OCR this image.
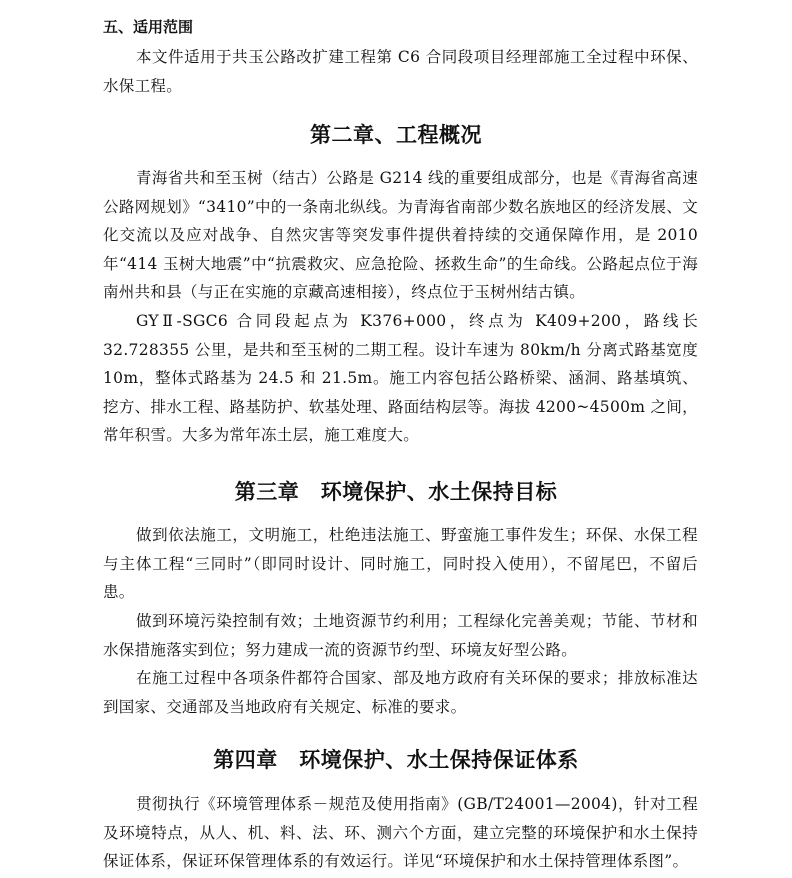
五、适用范围

本文件适用于共玉公路改扩建工程第 C6 合同段项目经理部施工全过程中环保、水保工程。

第二章、工程概况

青海省共和至玉树（结古）公路是 G214 线的重要组成部分，也是《青海省高速公路网规划》“3410”中的一条南北纵线。为青海省南部少数名族地区的经济发展、文化交流以及应对战争、自然灾害等突发事件提供着持续的交通保障作用，是 2010 年“414 玉树大地震”中“抗震救灾、应急抢险、拯救生命”的生命线。公路起点位于海南州共和县（与正在实施的京藏高速相接），终点位于玉树州结古镇。

GYⅡ-SGC6 合同段起点为 K376+000，终点为 K409+200，路线长 32.728355 公里，是共和至玉树的二期工程。设计车速为 80km/h 分离式路基宽度 10m，整体式路基为 24.5 和 21.5m。施工内容包括公路桥梁、涵洞、路基填筑、挖方、排水工程、路基防护、软基处理、路面结构层等。海拔 4200~4500m 之间，常年积雪。大多为常年冻土层，施工难度大。

第三章　环境保护、水土保持目标

做到依法施工，文明施工，杜绝违法施工、野蛮施工事件发生；环保、水保工程与主体工程“三同时”（即同时设计、同时施工，同时投入使用），不留尾巴，不留后患。

做到环境污染控制有效；土地资源节约利用；工程绿化完善美观；节能、节材和水保措施落实到位；努力建成一流的资源节约型、环境友好型公路。

在施工过程中各项条件都符合国家、部及地方政府有关环保的要求；排放标准达到国家、交通部及当地政府有关规定、标准的要求。

第四章　环境保护、水土保持保证体系

贯彻执行《环境管理体系－规范及使用指南》(GB/T24001—2004)，针对工程及环境特点，从人、机、料、法、环、测六个方面，建立完整的环境保护和水土保持保证体系，保证环保管理体系的有效运行。详见“环境保护和水土保持管理体系图”。
